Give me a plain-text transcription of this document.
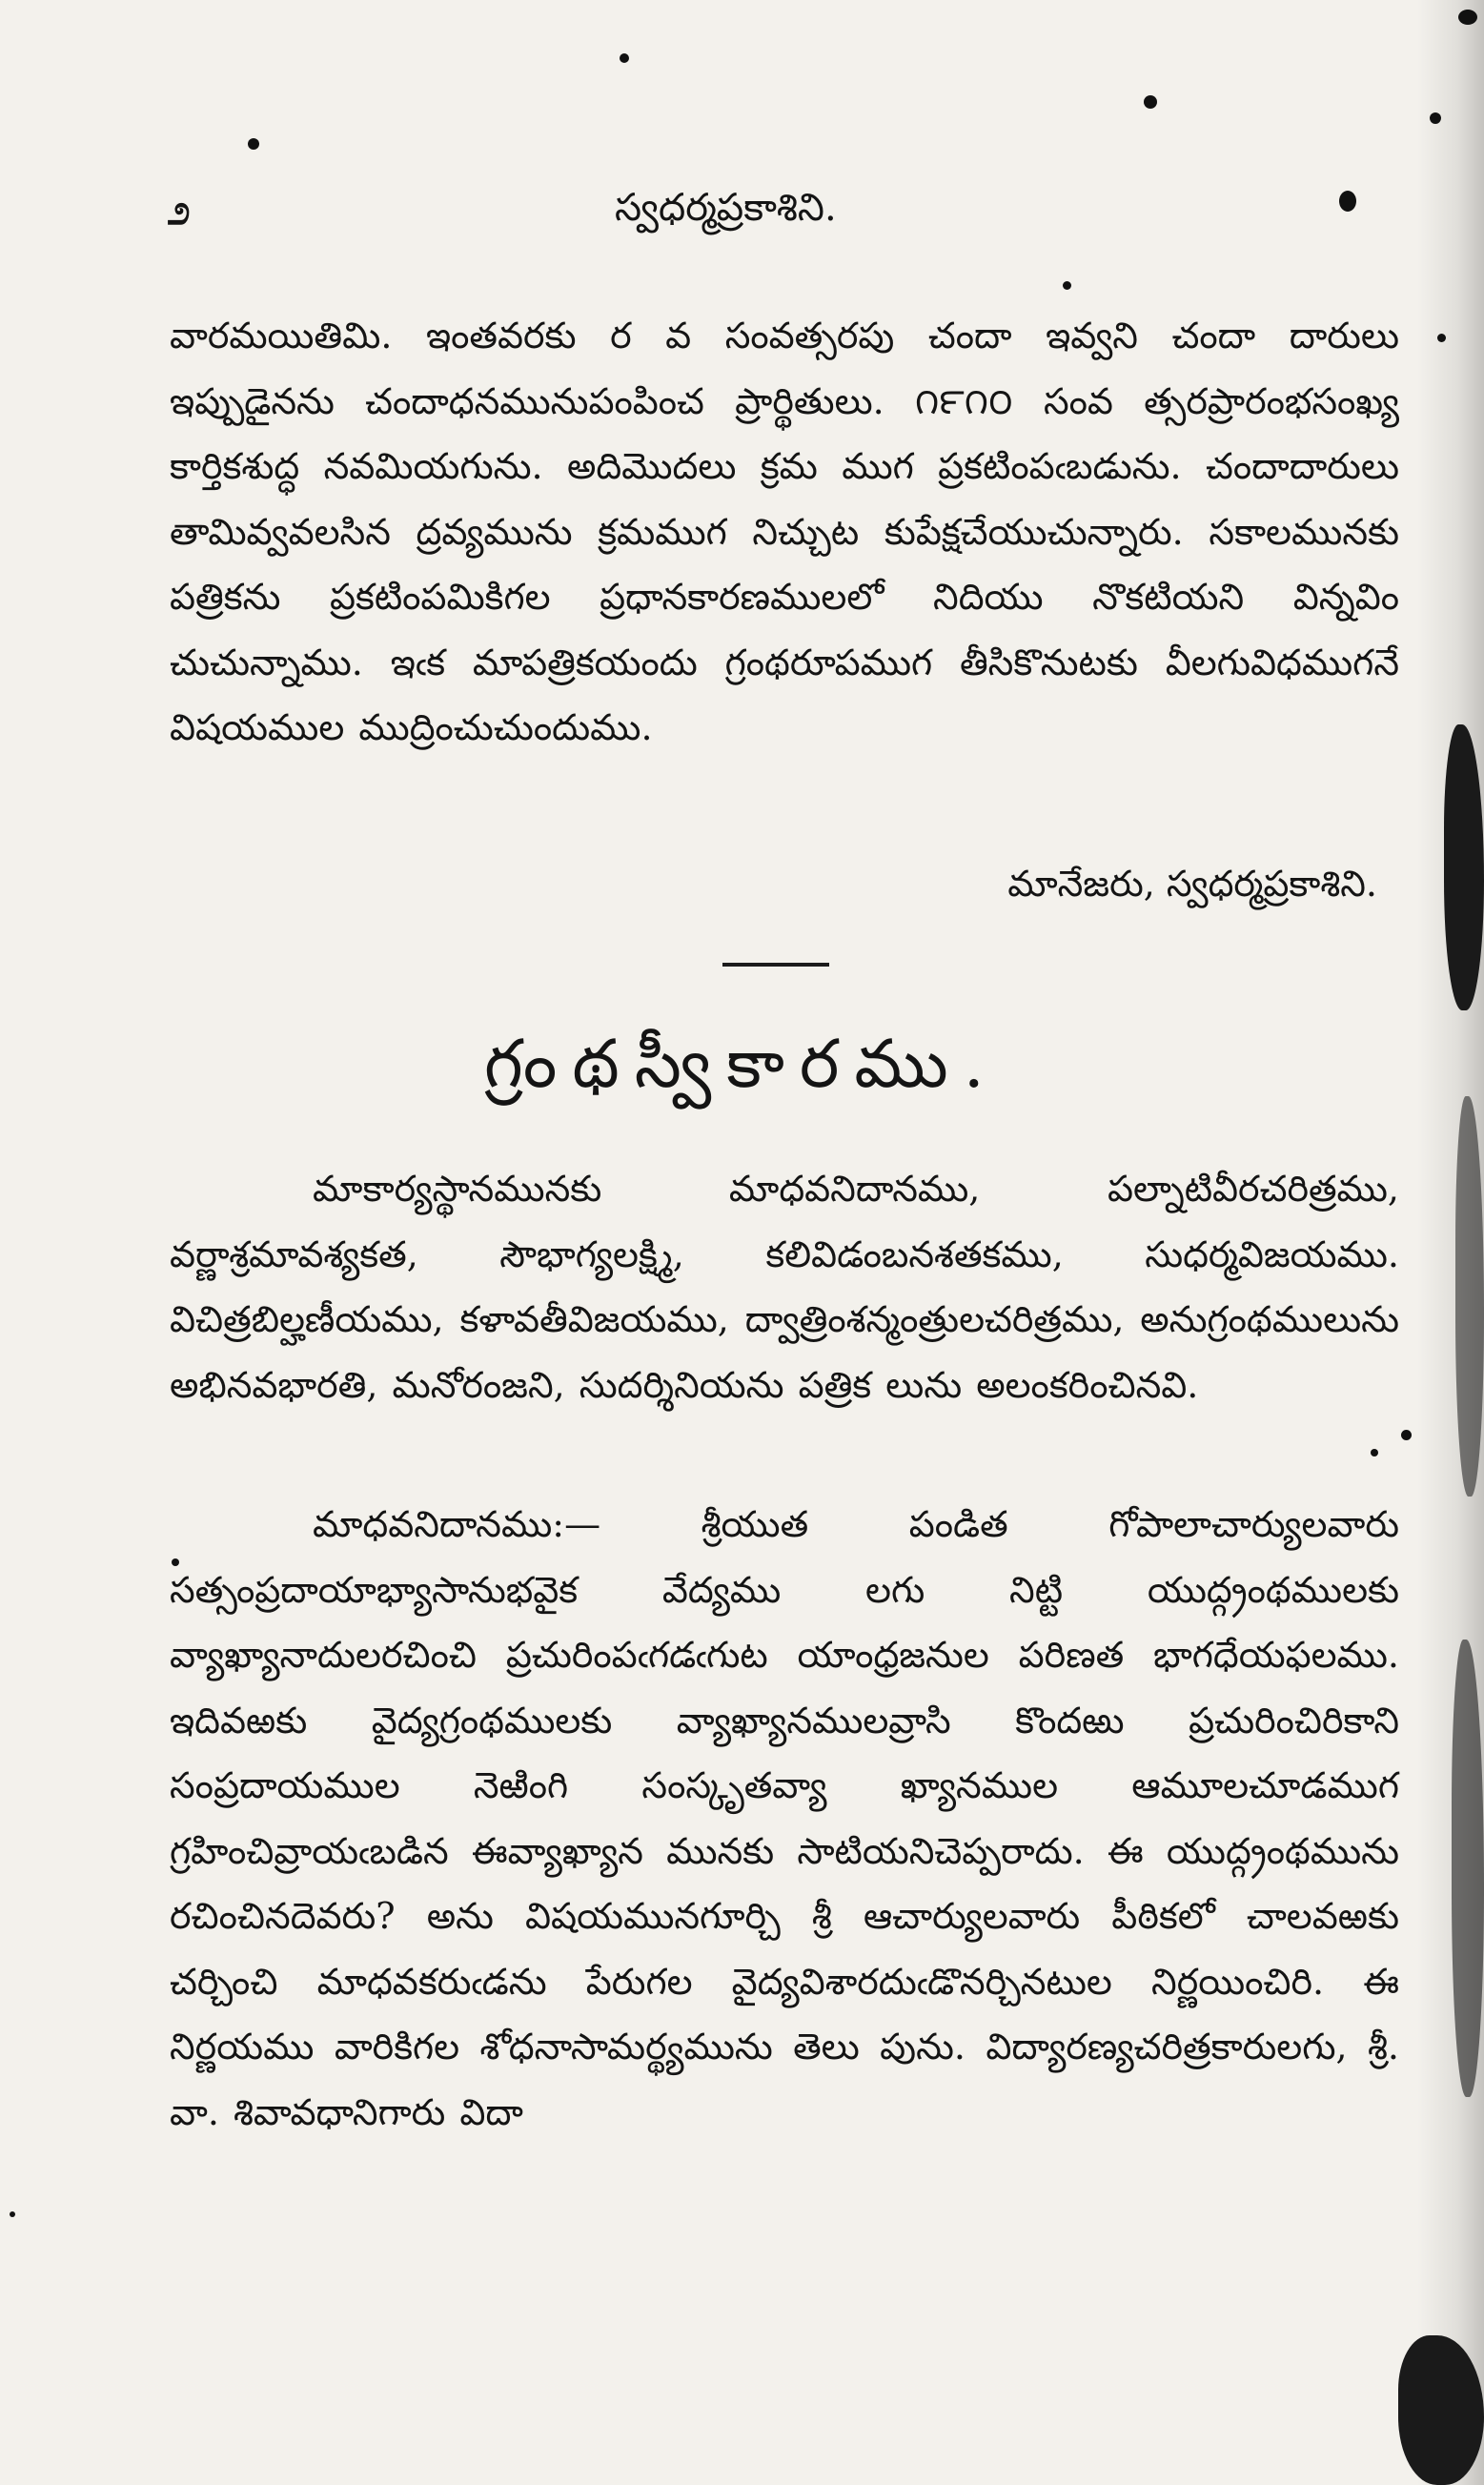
೨	స్వధర్మప్రకాశిని.
వారమయితిమి. ఇంతవరకు ర వ సంవత్సరపు చందా ఇవ్వని చందా దారులు ఇప్పుడైనను చందాధనమునుపంపించ ప్రార్థితులు. ౧౯౧౦ సంవ త్సరప్రారంభసంఖ్య కార్తికశుద్ధ నవమియగును. అదిమొదలు క్రమ ముగ ప్రకటింపఁబడును. చందాదారులు తామివ్వవలసిన ద్రవ్యమును క్రమముగ నిచ్చుట కుపేక్షచేయుచున్నారు. సకాలమునకు పత్రికను ప్రకటింపమికిగల ప్రధానకారణములలో నిదియు నొకటియని విన్నవిం చుచున్నాము. ఇఁక మాపత్రికయందు గ్రంథరూపముగ తీసికొనుటకు వీలగువిధముగనే విషయముల ముద్రించుచుందుము.
మానేజరు, స్వధర్మప్రకాశిని.
గ్రంథస్వీకారము.
మాకార్యస్థానమునకు మాధవనిదానము, పల్నాటివీరచరిత్రము, వర్ణాశ్రమావశ్యకత, సౌభాగ్యలక్ష్మి, కలివిడంబనశతకము, సుధర్మవిజయము. విచిత్రబిల్హణీయము, కళావతీవిజయము, ద్వాత్రింశన్మంత్రులచరిత్రము, అనుగ్రంథములును అభినవభారతి, మనోరంజని, సుదర్శినియను పత్రిక లును అలంకరించినవి.
మాధవనిదానము:— శ్రీయుత పండిత గోపాలాచార్యులవారు సత్సంప్రదాయాభ్యాసానుభవైక వేద్యము లగు నిట్టి యుద్గ్రంథములకు వ్యాఖ్యానాదులరచించి ప్రచురింపఁగడఁగుట యాంధ్రజనుల పరిణత భాగధేయఫలము. ఇదివఱకు వైద్యగ్రంథములకు వ్యాఖ్యానములవ్రాసి కొందఱు ప్రచురించిరికాని సంప్రదాయముల నెఱింగి సంస్కృతవ్యా ఖ్యానముల ఆమూలచూడముగ గ్రహించివ్రాయఁబడిన ఈవ్యాఖ్యాన మునకు సాటియనిచెప్పరాదు. ఈ యుద్గ్రంథమును రచించినదెవరు? అను విషయమునగూర్చి శ్రీ ఆచార్యులవారు పీఠికలో చాలవఱకు చర్చించి మాధవకరుఁడను పేరుగల వైద్యవిశారదుఁడొనర్చినటుల నిర్ణయించిరి. ఈ నిర్ణయము వారికిగల శోధనాసామర్థ్యమును తెలు పును. విద్యారణ్యచరిత్రకారులగు, శ్రీ. వా. శివావధానిగారు విదా
